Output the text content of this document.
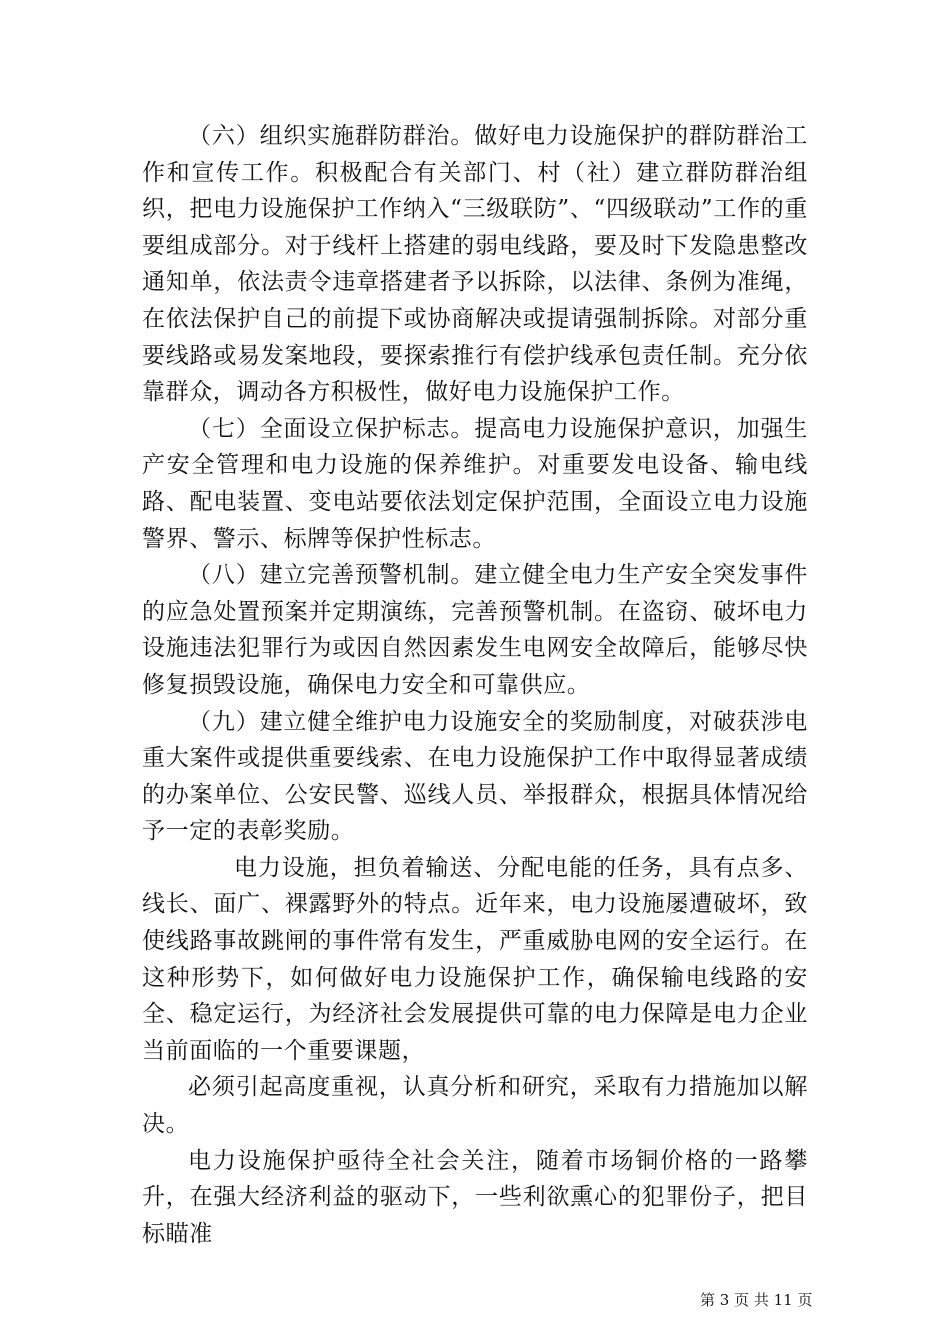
（六）组织实施群防群治。做好电力设施保护的群防群治工作和宣传工作。积极配合有关部门、村（社）建立群防群治组织，把电力设施保护工作纳入“三级联防”、“四级联动”工作的重要组成部分。对于线杆上搭建的弱电线路，要及时下发隐患整改通知单，依法责令违章搭建者予以拆除，以法律、条例为准绳，在依法保护自己的前提下或协商解决或提请强制拆除。对部分重要线路或易发案地段，要探索推行有偿护线承包责任制。充分依靠群众，调动各方积极性，做好电力设施保护工作。

（七）全面设立保护标志。提高电力设施保护意识，加强生产安全管理和电力设施的保养维护。对重要发电设备、输电线路、配电装置、变电站要依法划定保护范围，全面设立电力设施警界、警示、标牌等保护性标志。

（八）建立完善预警机制。建立健全电力生产安全突发事件的应急处置预案并定期演练，完善预警机制。在盗窃、破坏电力设施违法犯罪行为或因自然因素发生电网安全故障后，能够尽快修复损毁设施，确保电力安全和可靠供应。

（九）建立健全维护电力设施安全的奖励制度，对破获涉电重大案件或提供重要线索、在电力设施保护工作中取得显著成绩的办案单位、公安民警、巡线人员、举报群众，根据具体情况给予一定的表彰奖励。

电力设施，担负着输送、分配电能的任务，具有点多、线长、面广、裸露野外的特点。近年来，电力设施屡遭破坏，致使线路事故跳闸的事件常有发生，严重威胁电网的安全运行。在这种形势下，如何做好电力设施保护工作，确保输电线路的安全、稳定运行，为经济社会发展提供可靠的电力保障是电力企业当前面临的一个重要课题，

必须引起高度重视，认真分析和研究，采取有力措施加以解决。

电力设施保护亟待全社会关注，随着市场铜价格的一路攀升，在强大经济利益的驱动下，一些利欲熏心的犯罪份子，把目标瞄准

第 3 页 共 11 页
